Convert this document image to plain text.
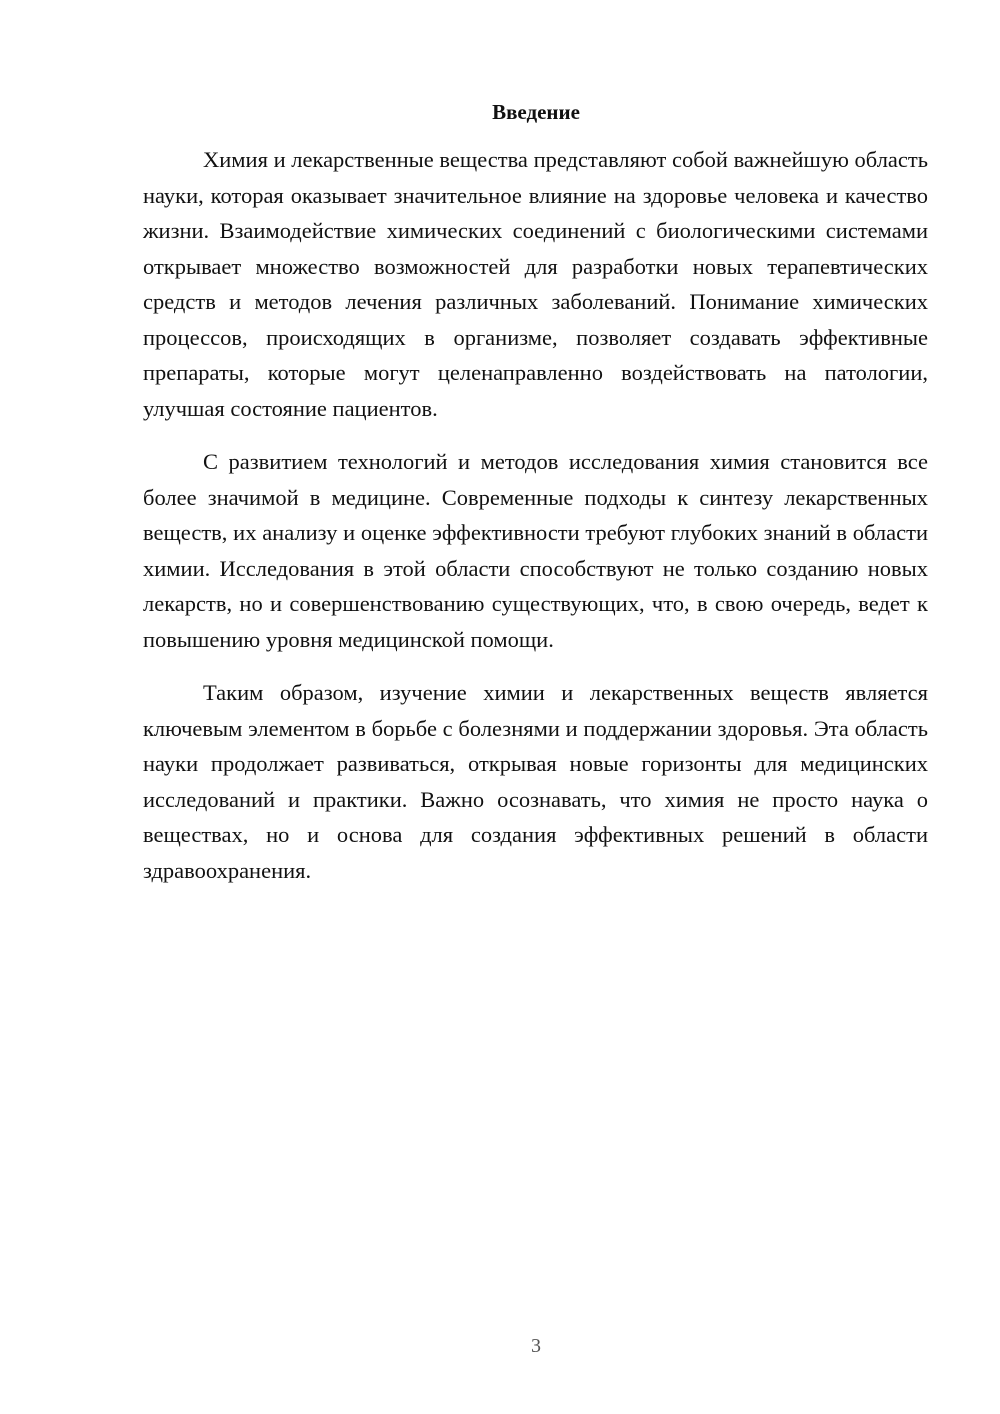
Введение

Химия и лекарственные вещества представляют собой важнейшую область науки, которая оказывает значительное влияние на здоровье человека и качество жизни. Взаимодействие химических соединений с биологическими системами открывает множество возможностей для разработки новых терапевтических средств и методов лечения различных заболеваний. Понимание химических процессов, происходящих в организме, позволяет создавать эффективные препараты, которые могут целенаправленно воздействовать на патологии, улучшая состояние пациентов.

С развитием технологий и методов исследования химия становится все более значимой в медицине. Современные подходы к синтезу лекарственных веществ, их анализу и оценке эффективности требуют глубоких знаний в области химии. Исследования в этой области способствуют не только созданию новых лекарств, но и совершенствованию существующих, что, в свою очередь, ведет к повышению уровня медицинской помощи.

Таким образом, изучение химии и лекарственных веществ является ключевым элементом в борьбе с болезнями и поддержании здоровья. Эта область науки продолжает развиваться, открывая новые горизонты для медицинских исследований и практики. Важно осознавать, что химия не просто наука о веществах, но и основа для создания эффективных решений в области здравоохранения.

3
